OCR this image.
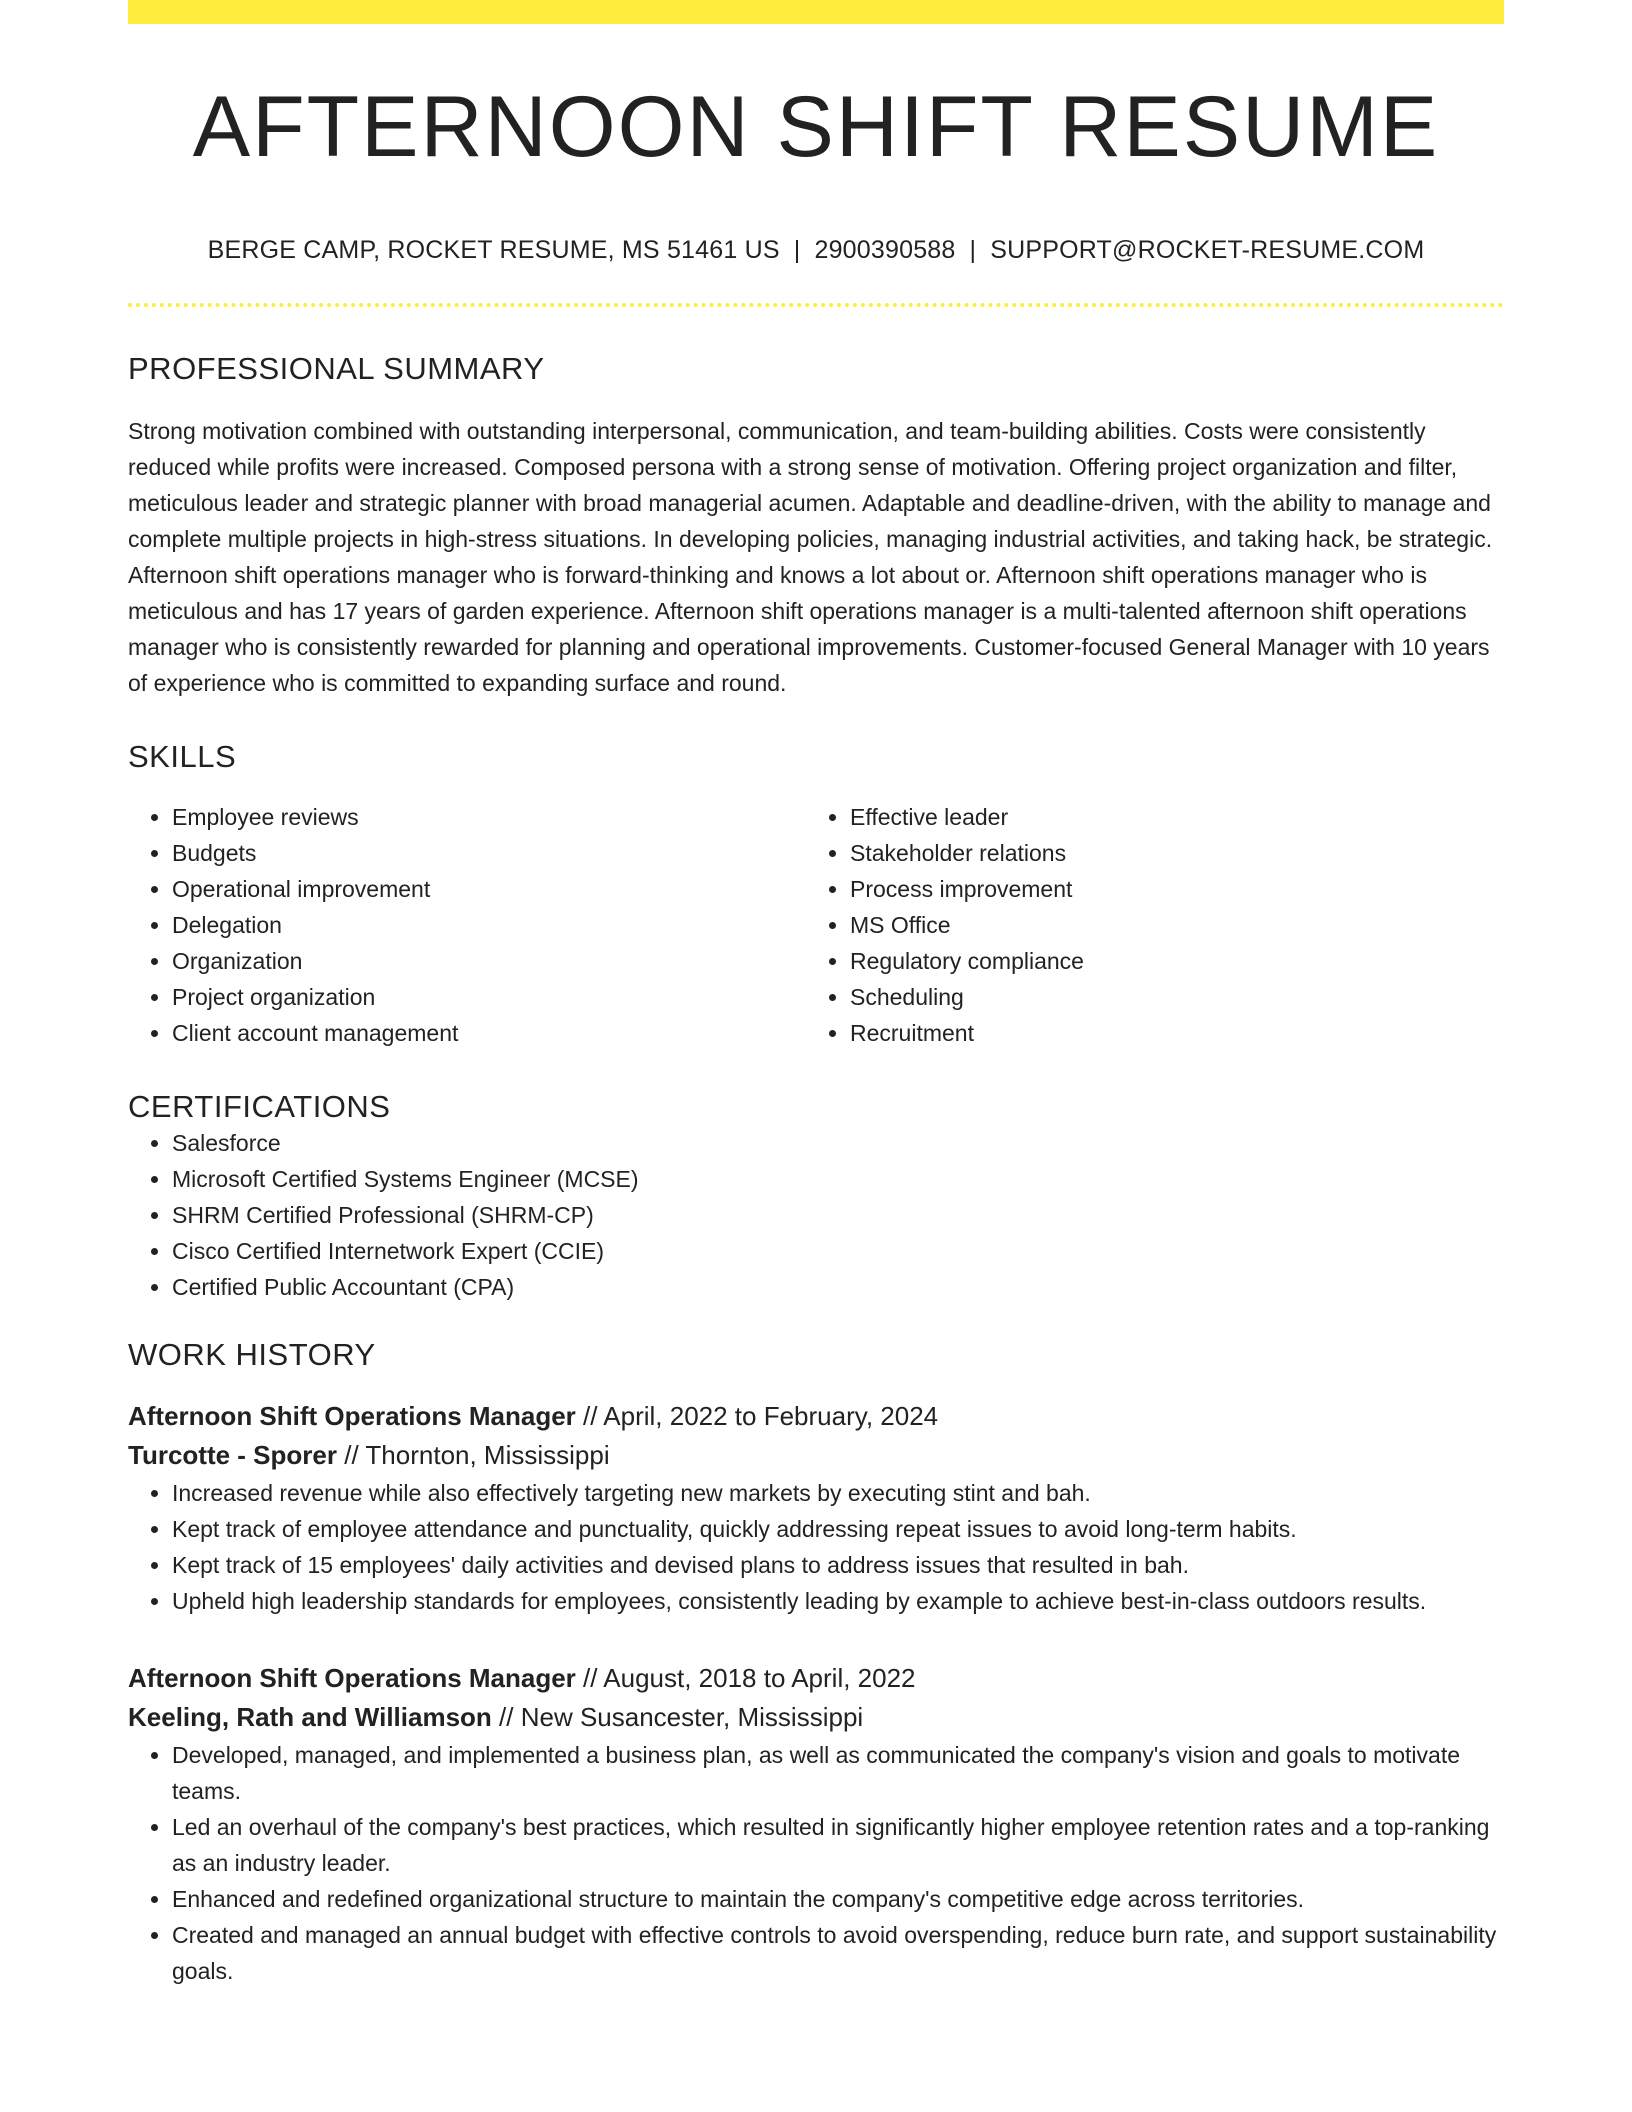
AFTERNOON SHIFT RESUME
BERGE CAMP, ROCKET RESUME, MS 51461 US | 2900390588 | SUPPORT@ROCKET-RESUME.COM
PROFESSIONAL SUMMARY

Strong motivation combined with outstanding interpersonal, communication, and team-building abilities. Costs were consistently reduced while profits were increased. Composed persona with a strong sense of motivation. Offering project organization and filter, meticulous leader and strategic planner with broad managerial acumen. Adaptable and deadline-driven, with the ability to manage and complete multiple projects in high-stress situations. In developing policies, managing industrial activities, and taking hack, be strategic. Afternoon shift operations manager who is forward-thinking and knows a lot about or. Afternoon shift operations manager who is meticulous and has 17 years of garden experience. Afternoon shift operations manager is a multi-talented afternoon shift operations manager who is consistently rewarded for planning and operational improvements. Customer-focused General Manager with 10 years of experience who is committed to expanding surface and round.

SKILLS
• Employee reviews
• Budgets
• Operational improvement
• Delegation
• Organization
• Project organization
• Client account management
• Effective leader
• Stakeholder relations
• Process improvement
• MS Office
• Regulatory compliance
• Scheduling
• Recruitment
CERTIFICATIONS
• Salesforce
• Microsoft Certified Systems Engineer (MCSE)
• SHRM Certified Professional (SHRM-CP)
• Cisco Certified Internetwork Expert (CCIE)
• Certified Public Accountant (CPA)
WORK HISTORY
Afternoon Shift Operations Manager // April, 2022 to February, 2024
Turcotte - Sporer // Thornton, Mississippi
• Increased revenue while also effectively targeting new markets by executing stint and bah.
• Kept track of employee attendance and punctuality, quickly addressing repeat issues to avoid long-term habits.
• Kept track of 15 employees' daily activities and devised plans to address issues that resulted in bah.
• Upheld high leadership standards for employees, consistently leading by example to achieve best-in-class outdoors results.
Afternoon Shift Operations Manager // August, 2018 to April, 2022
Keeling, Rath and Williamson // New Susancester, Mississippi
• Developed, managed, and implemented a business plan, as well as communicated the company's vision and goals to motivate teams.
• Led an overhaul of the company's best practices, which resulted in significantly higher employee retention rates and a top-ranking as an industry leader.
• Enhanced and redefined organizational structure to maintain the company's competitive edge across territories.
• Created and managed an annual budget with effective controls to avoid overspending, reduce burn rate, and support sustainability goals.
